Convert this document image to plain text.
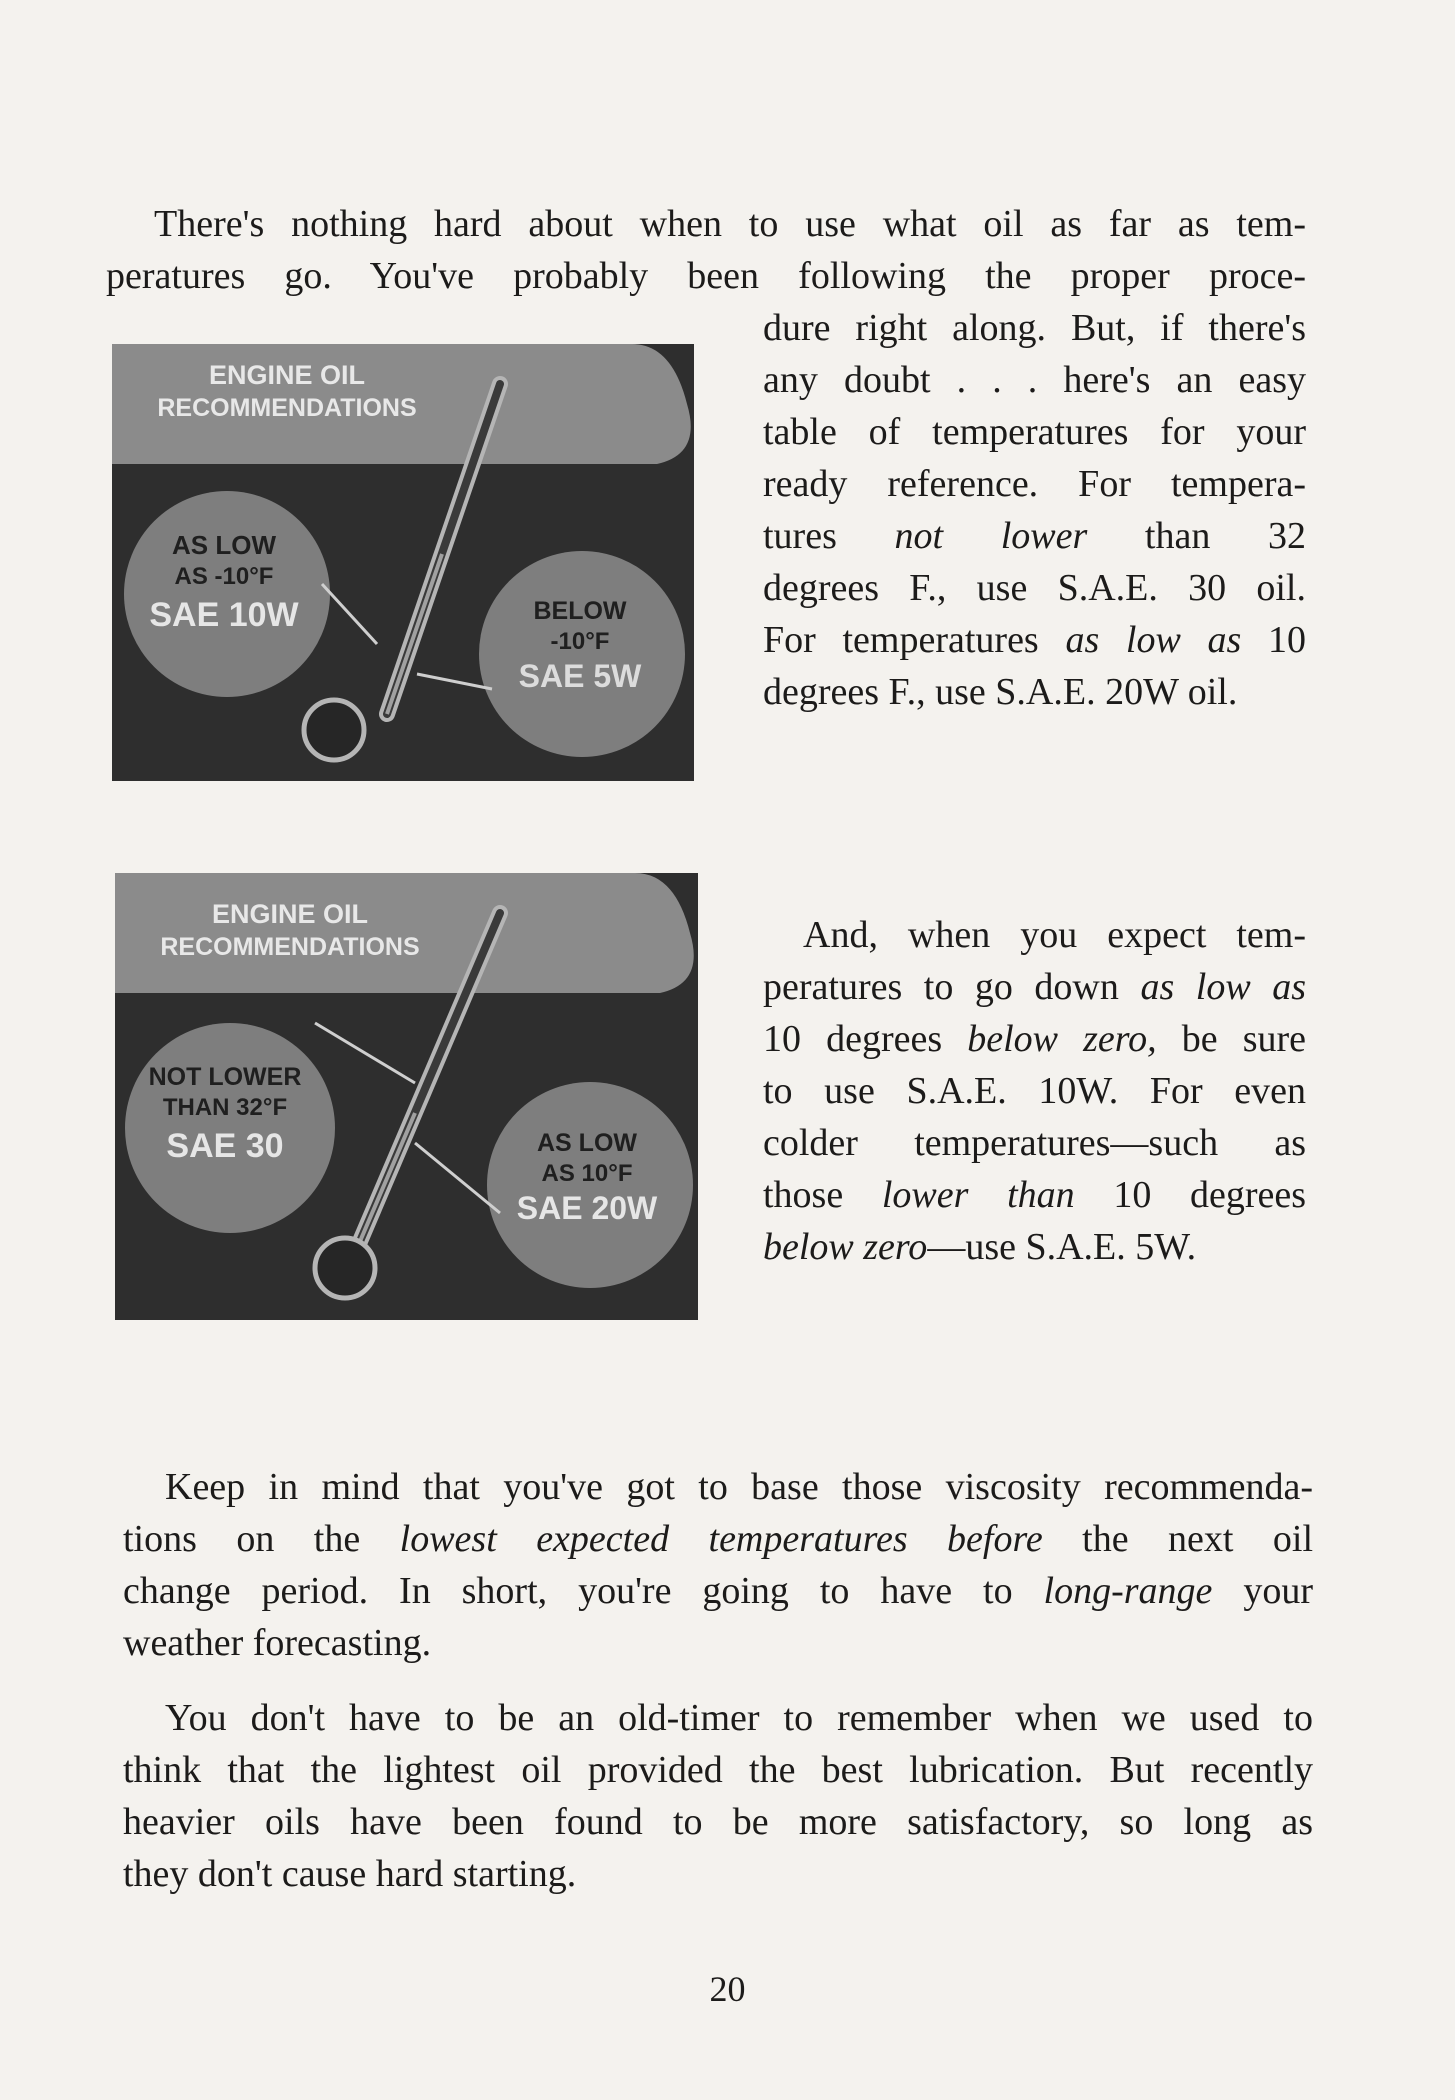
There's nothing hard about when to use what oil as far as tem-
peratures go. You've probably been following the proper proce-
dure right along. But, if there's
any doubt . . . here's an easy
table of temperatures for your
ready reference. For tempera-
tures not lower than 32
degrees F., use S.A.E. 30 oil.
For temperatures as low as 10
degrees F., use S.A.E. 20W oil.
ENGINE OIL
RECOMMENDATIONS
AS LOW
AS -10°F
SAE 10W	BELOW
-10°F
SAE 5W
ENGINE OIL
RECOMMENDATIONS
NOT LOWER
THAN 32°F
SAE 30	AS LOW
AS 10°F
SAE 20W
And, when you expect tem-
peratures to go down as low as
10 degrees below zero, be sure
to use S.A.E. 10W. For even
colder temperatures—such as
those lower than 10 degrees
below zero—use S.A.E. 5W.
Keep in mind that you've got to base those viscosity recommenda-
tions on the lowest expected temperatures before the next oil
change period. In short, you're going to have to long-range your
weather forecasting.
You don't have to be an old-timer to remember when we used to
think that the lightest oil provided the best lubrication. But recently
heavier oils have been found to be more satisfactory, so long as
they don't cause hard starting.
20
